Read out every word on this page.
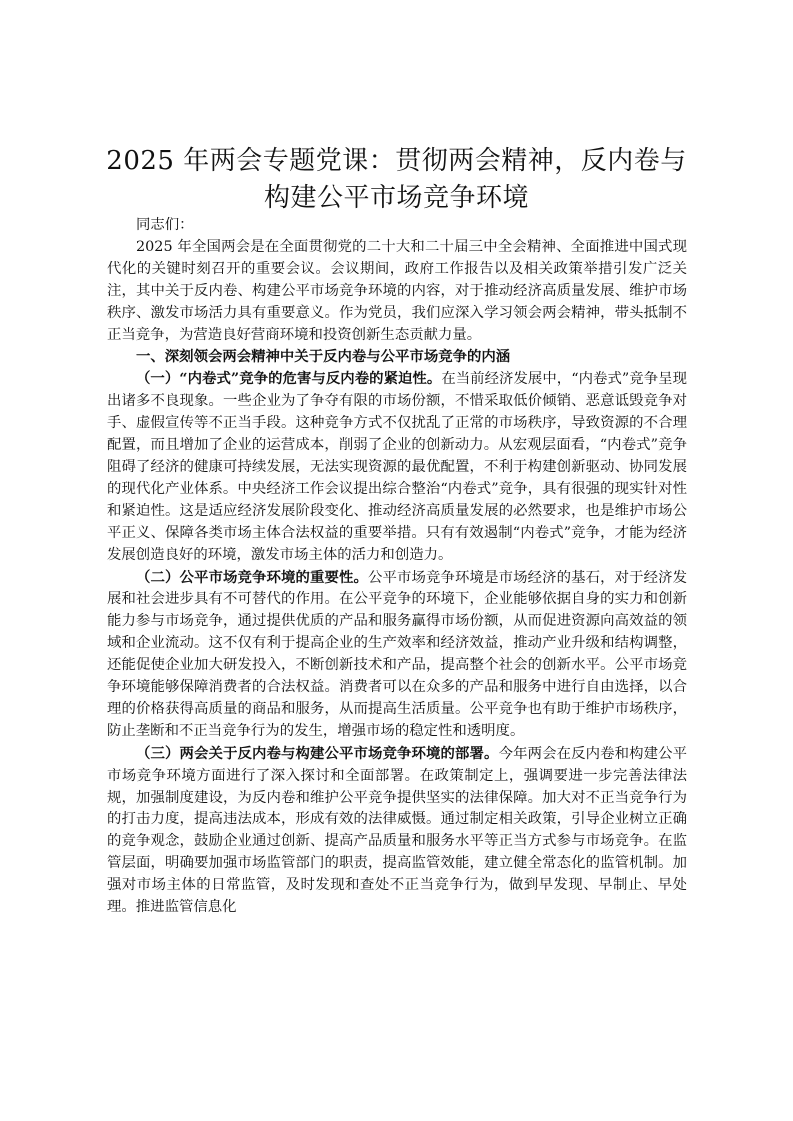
2025 年两会专题党课：贯彻两会精神，反内卷与构建公平市场竞争环境

同志们：

2025 年全国两会是在全面贯彻党的二十大和二十届三中全会精神、全面推进中国式现代化的关键时刻召开的重要会议。会议期间，政府工作报告以及相关政策举措引发广泛关注，其中关于反内卷、构建公平市场竞争环境的内容，对于推动经济高质量发展、维护市场秩序、激发市场活力具有重要意义。作为党员，我们应深入学习领会两会精神，带头抵制不正当竞争，为营造良好营商环境和投资创新生态贡献力量。

一、深刻领会两会精神中关于反内卷与公平市场竞争的内涵

（一）“内卷式”竞争的危害与反内卷的紧迫性。在当前经济发展中，“内卷式”竞争呈现出诸多不良现象。一些企业为了争夺有限的市场份额，不惜采取低价倾销、恶意诋毁竞争对手、虚假宣传等不正当手段。这种竞争方式不仅扰乱了正常的市场秩序，导致资源的不合理配置，而且增加了企业的运营成本，削弱了企业的创新动力。从宏观层面看，“内卷式”竞争阻碍了经济的健康可持续发展，无法实现资源的最优配置，不利于构建创新驱动、协同发展的现代化产业体系。中央经济工作会议提出综合整治“内卷式”竞争，具有很强的现实针对性和紧迫性。这是适应经济发展阶段变化、推动经济高质量发展的必然要求，也是维护市场公平正义、保障各类市场主体合法权益的重要举措。只有有效遏制“内卷式”竞争，才能为经济发展创造良好的环境，激发市场主体的活力和创造力。

（二）公平市场竞争环境的重要性。公平市场竞争环境是市场经济的基石，对于经济发展和社会进步具有不可替代的作用。在公平竞争的环境下，企业能够依据自身的实力和创新能力参与市场竞争，通过提供优质的产品和服务赢得市场份额，从而促进资源向高效益的领域和企业流动。这不仅有利于提高企业的生产效率和经济效益，推动产业升级和结构调整，还能促使企业加大研发投入，不断创新技术和产品，提高整个社会的创新水平。公平市场竞争环境能够保障消费者的合法权益。消费者可以在众多的产品和服务中进行自由选择，以合理的价格获得高质量的商品和服务，从而提高生活质量。公平竞争也有助于维护市场秩序，防止垄断和不正当竞争行为的发生，增强市场的稳定性和透明度。

（三）两会关于反内卷与构建公平市场竞争环境的部署。今年两会在反内卷和构建公平市场竞争环境方面进行了深入探讨和全面部署。在政策制定上，强调要进一步完善法律法规，加强制度建设，为反内卷和维护公平竞争提供坚实的法律保障。加大对不正当竞争行为的打击力度，提高违法成本，形成有效的法律威慑。通过制定相关政策，引导企业树立正确的竞争观念，鼓励企业通过创新、提高产品质量和服务水平等正当方式参与市场竞争。在监管层面，明确要加强市场监管部门的职责，提高监管效能，建立健全常态化的监管机制。加强对市场主体的日常监管，及时发现和查处不正当竞争行为，做到早发现、早制止、早处理。推进监管信息化
